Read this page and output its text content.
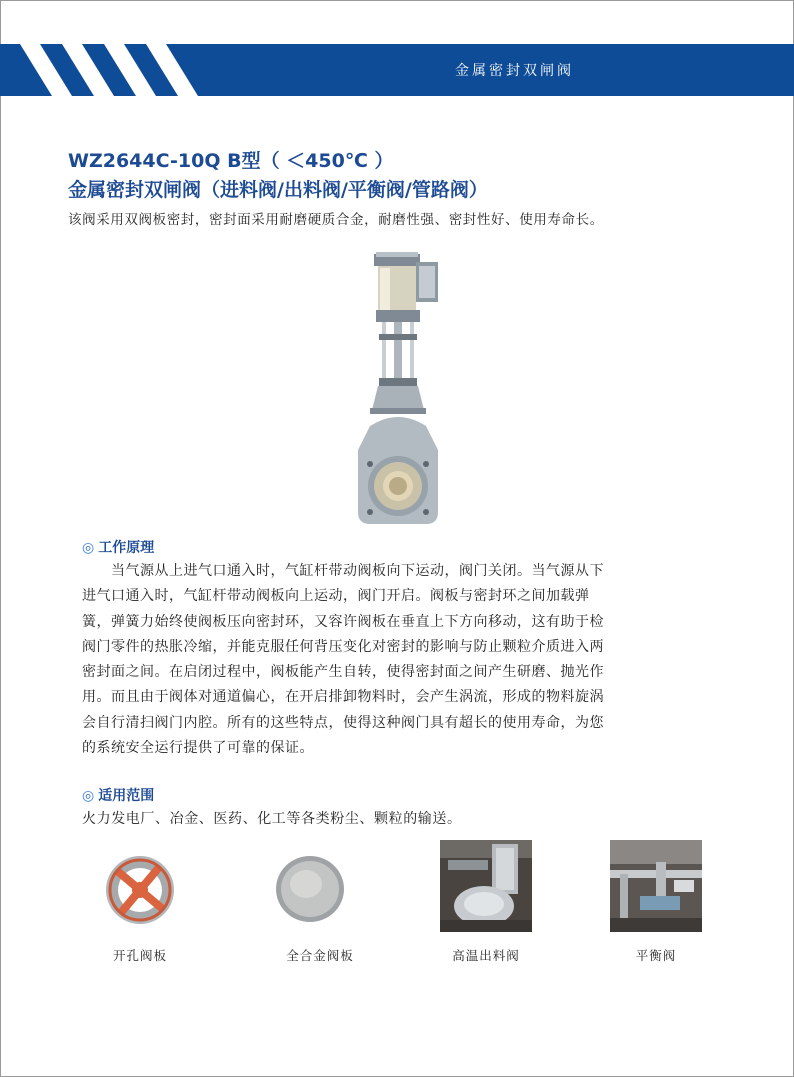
金属密封双闸阀
WZ2644C-10Q B型（ ＜450℃ ）
金属密封双闸阀（进料阀/出料阀/平衡阀/管路阀）
该阀采用双阀板密封，密封面采用耐磨硬质合金，耐磨性强、密封性好、使用寿命长。
◎ 工作原理

　　当气源从上进气口通入时，气缸杆带动阀板向下运动，阀门关闭。当气源从下

进气口通入时，气缸杆带动阀板向上运动，阀门开启。阀板与密封环之间加载弹

簧，弹簧力始终使阀板压向密封环，又容许阀板在垂直上下方向移动，这有助于检

阀门零件的热胀冷缩，并能克服任何背压变化对密封的影响与防止颗粒介质进入两

密封面之间。在启闭过程中，阀板能产生自转，使得密封面之间产生研磨、抛光作

用。而且由于阀体对通道偏心，在开启排卸物料时，会产生涡流，形成的物料旋涡

会自行清扫阀门内腔。所有的这些特点，使得这种阀门具有超长的使用寿命，为您

的系统安全运行提供了可靠的保证。

◎ 适用范围
火力发电厂、冶金、医药、化工等各类粉尘、颗粒的输送。
开孔阀板	全合金阀板	高温出料阀	平衡阀
